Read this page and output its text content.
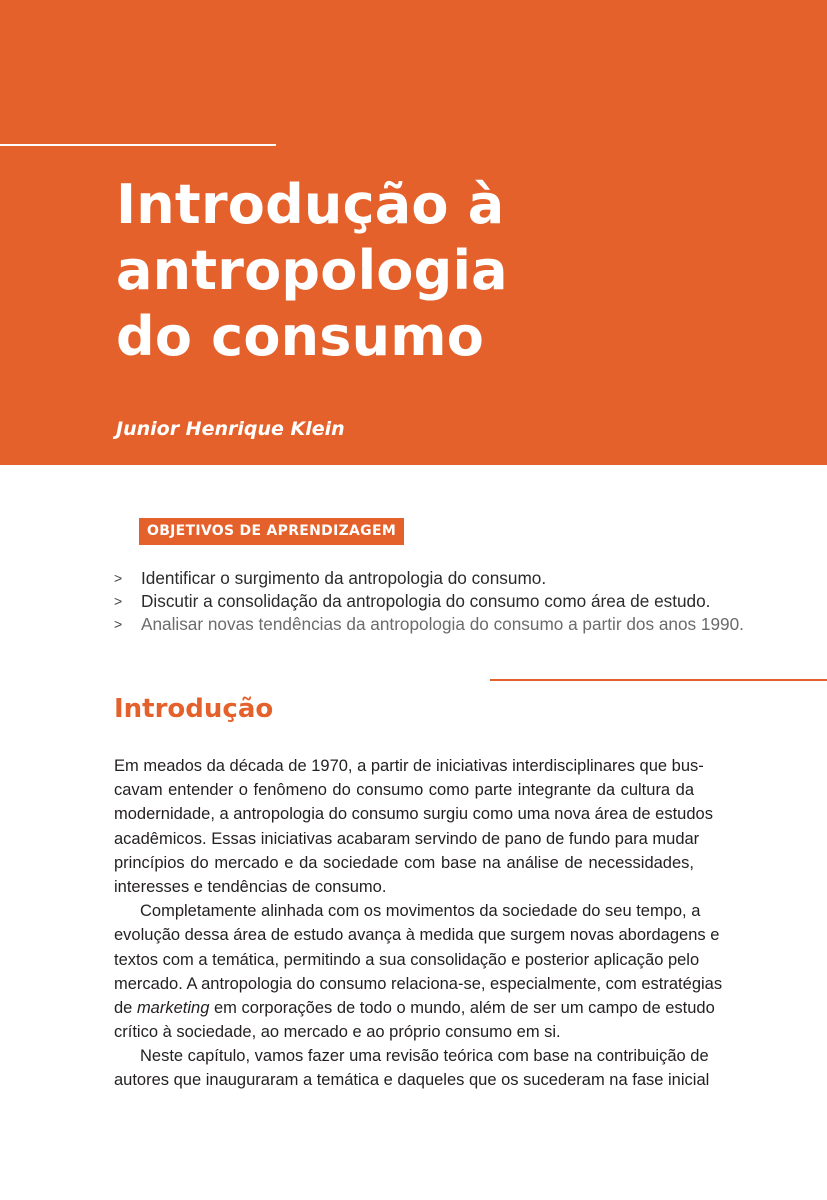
Introdução à
antropologia
do consumo
Junior Henrique Klein
OBJETIVOS DE APRENDIZAGEM
> Identificar o surgimento da antropologia do consumo.
> Discutir a consolidação da antropologia do consumo como área de estudo.
> Analisar novas tendências da antropologia do consumo a partir dos anos 1990.
Introdução
Em meados da década de 1970, a partir de iniciativas interdisciplinares que bus-
cavam entender o fenômeno do consumo como parte integrante da cultura da
modernidade, a antropologia do consumo surgiu como uma nova área de estudos
acadêmicos. Essas iniciativas acabaram servindo de pano de fundo para mudar
princípios do mercado e da sociedade com base na análise de necessidades,
interesses e tendências de consumo.
Completamente alinhada com os movimentos da sociedade do seu tempo, a
evolução dessa área de estudo avança à medida que surgem novas abordagens e
textos com a temática, permitindo a sua consolidação e posterior aplicação pelo
mercado. A antropologia do consumo relaciona-se, especialmente, com estratégias
de marketing em corporações de todo o mundo, além de ser um campo de estudo
crítico à sociedade, ao mercado e ao próprio consumo em si.
Neste capítulo, vamos fazer uma revisão teórica com base na contribuição de
autores que inauguraram a temática e daqueles que os sucederam na fase inicial
